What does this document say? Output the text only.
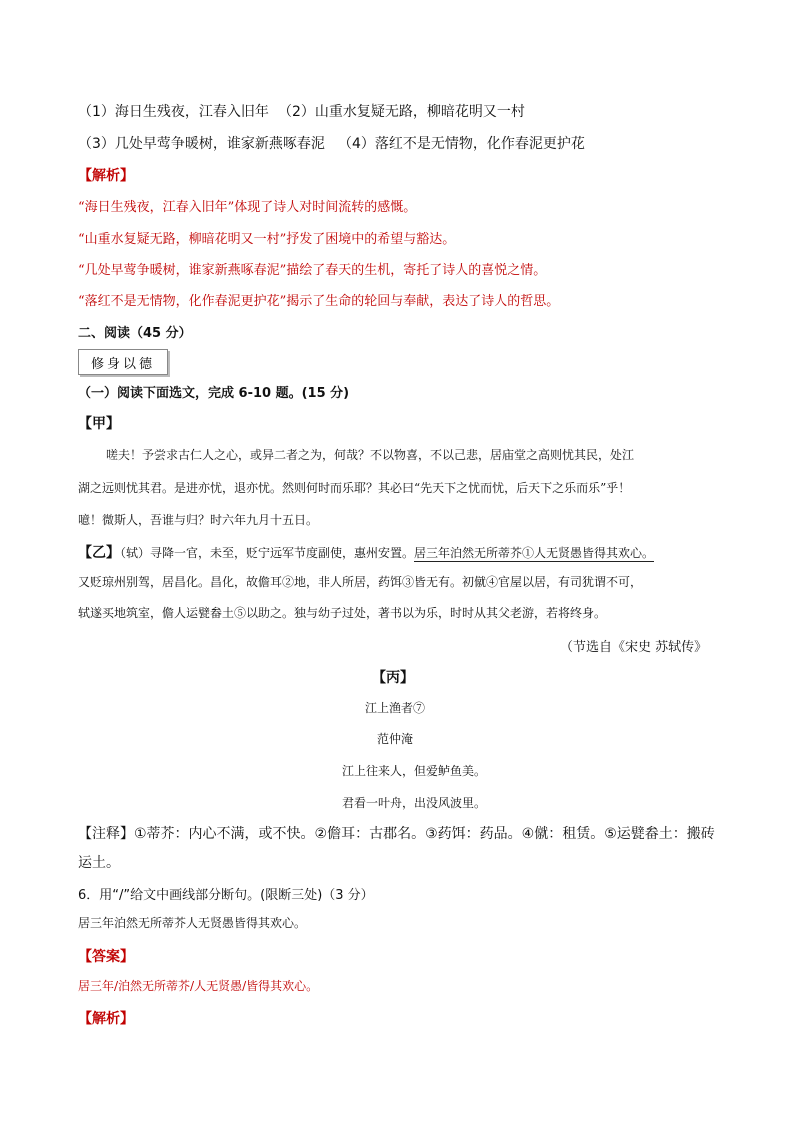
（1）海日生残夜，江春入旧年 （2）山重水复疑无路，柳暗花明又一村
（3）几处早莺争暖树，谁家新燕啄春泥 （4）落红不是无情物，化作春泥更护花
【解析】
“海日生残夜，江春入旧年”体现了诗人对时间流转的感慨。
“山重水复疑无路，柳暗花明又一村”抒发了困境中的希望与豁达。
“几处早莺争暖树，谁家新燕啄春泥”描绘了春天的生机，寄托了诗人的喜悦之情。
“落红不是无情物，化作春泥更护花”揭示了生命的轮回与奉献，表达了诗人的哲思。
二、阅读（45 分）
修身以德
（一）阅读下面选文，完成 6-10 题。(15 分)
【甲】
嗟夫！予尝求古仁人之心，或异二者之为，何哉？不以物喜，不以己悲，居庙堂之高则忧其民，处江
湖之远则忧其君。是进亦忧，退亦忧。然则何时而乐耶？其必曰“先天下之忧而忧，后天下之乐而乐”乎！
噫！微斯人，吾谁与归？时六年九月十五日。
【乙】（轼）寻降一官，未至，贬宁远军节度副使，惠州安置。居三年泊然无所蒂芥①人无贤愚皆得其欢心。
又贬琼州别驾，居昌化。昌化，故儋耳②地，非人所居，药饵③皆无有。初僦④官屋以居，有司犹谓不可，
轼遂买地筑室，儋人运甓畚土⑤以助之。独与幼子过处，著书以为乐，时时从其父老游，若将终身。
（节选自《宋史 苏轼传》
【丙】
江上渔者⑦
范仲淹
江上往来人，但爱鲈鱼美。
君看一叶舟，出没风波里。
【注释】①蒂芥：内心不满，或不快。②儋耳：古郡名。③药饵：药品。④僦：租赁。⑤运甓畚土：搬砖
运土。
6．用“/”给文中画线部分断句。(限断三处)（3 分）
居三年泊然无所蒂芥人无贤愚皆得其欢心。
【答案】
居三年/泊然无所蒂芥/人无贤愚/皆得其欢心。
【解析】
